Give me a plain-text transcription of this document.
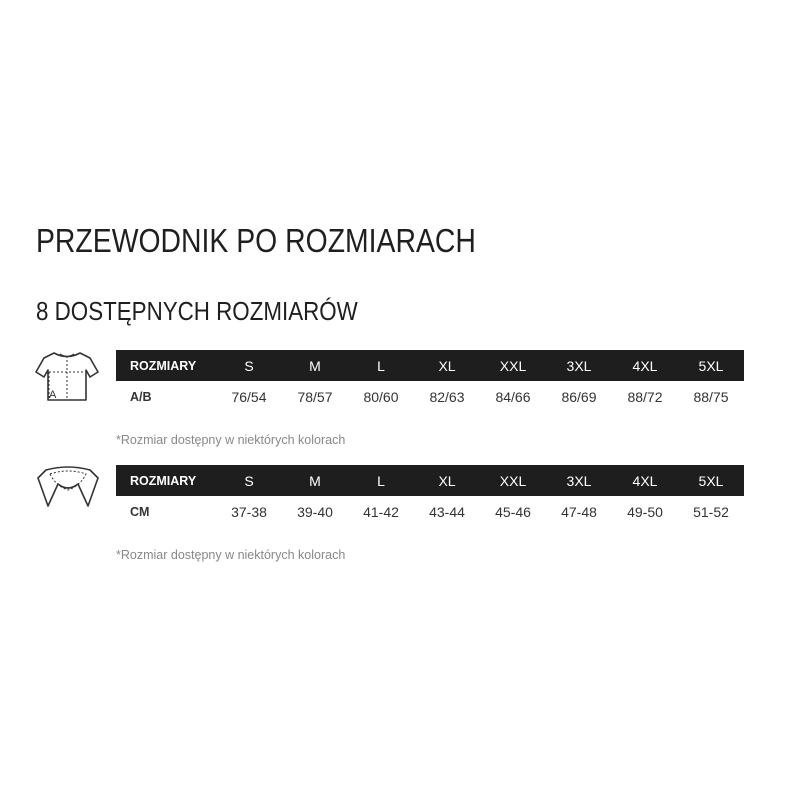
PRZEWODNIK PO ROZMIARACH
8 DOSTĘPNYCH ROZMIARÓW
A
ROZMIARY	S	M	L	XL	XXL	3XL	4XL	5XL
A/B	76/54	78/57	80/60	82/63	84/66	86/69	88/72	88/75
*Rozmiar dostępny w niektórych kolorach
ROZMIARY	S	M	L	XL	XXL	3XL	4XL	5XL
CM	37-38	39-40	41-42	43-44	45-46	47-48	49-50	51-52
*Rozmiar dostępny w niektórych kolorach
